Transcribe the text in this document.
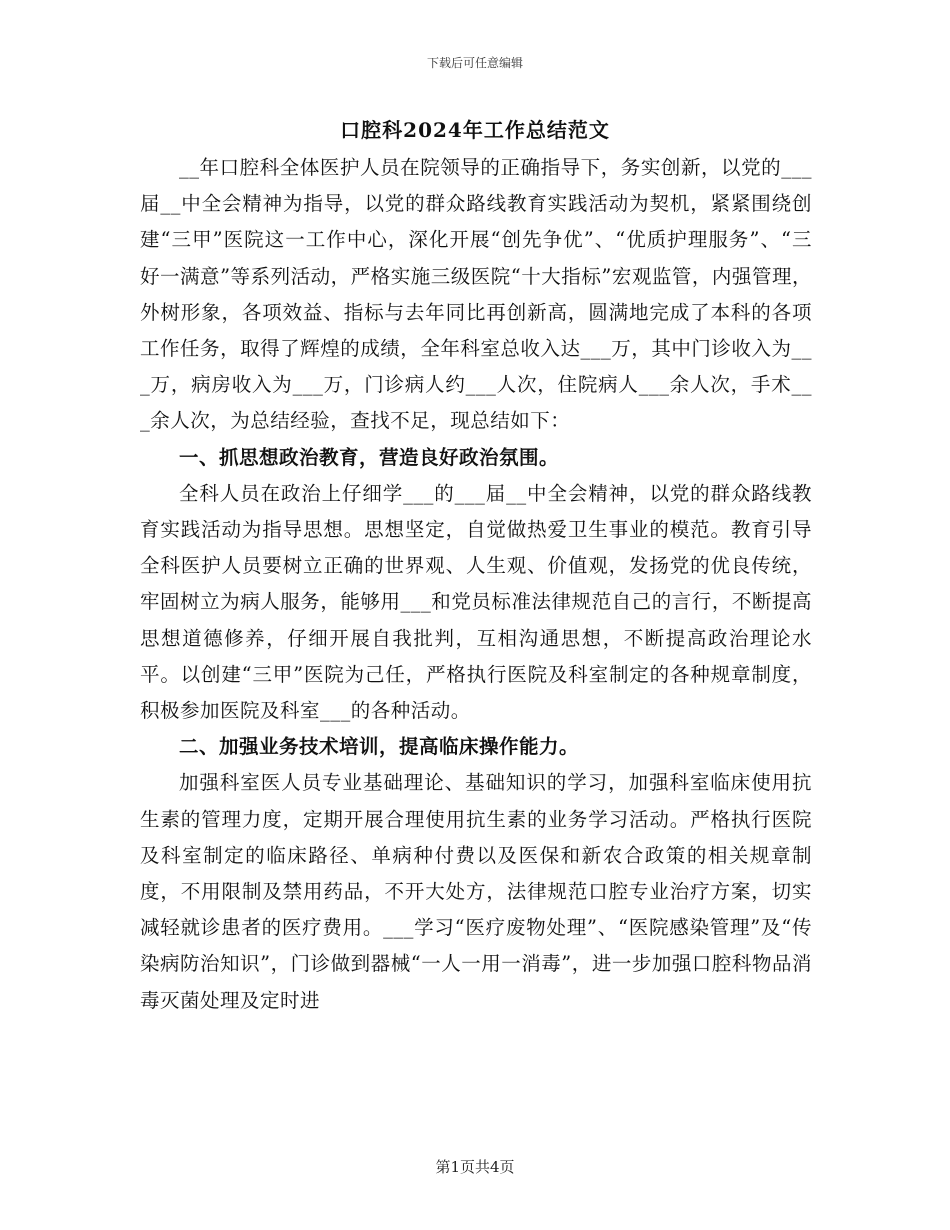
下载后可任意编辑
口腔科2024年工作总结范文

__年口腔科全体医护人员在院领导的正确指导下，务实创新，以党的___届__中全会精神为指导，以党的群众路线教育实践活动为契机，紧紧围绕创建“三甲”医院这一工作中心，深化开展“创先争优”、“优质护理服务”、“三好一满意”等系列活动，严格实施三级医院“十大指标”宏观监管，内强管理，外树形象，各项效益、指标与去年同比再创新高，圆满地完成了本科的各项工作任务，取得了辉煌的成绩，全年科室总收入达___万，其中门诊收入为___万，病房收入为___万，门诊病人约___人次，住院病人___余人次，手术___余人次，为总结经验，查找不足，现总结如下：

一、抓思想政治教育，营造良好政治氛围。

全科人员在政治上仔细学___的___届__中全会精神，以党的群众路线教育实践活动为指导思想。思想坚定，自觉做热爱卫生事业的模范。教育引导全科医护人员要树立正确的世界观、人生观、价值观，发扬党的优良传统，牢固树立为病人服务，能够用___和党员标准法律规范自己的言行，不断提高思想道德修养，仔细开展自我批判，互相沟通思想，不断提高政治理论水平。以创建“三甲”医院为己任，严格执行医院及科室制定的各种规章制度，积极参加医院及科室___的各种活动。

二、加强业务技术培训，提高临床操作能力。

加强科室医人员专业基础理论、基础知识的学习，加强科室临床使用抗生素的管理力度，定期开展合理使用抗生素的业务学习活动。严格执行医院及科室制定的临床路径、单病种付费以及医保和新农合政策的相关规章制度，不用限制及禁用药品，不开大处方，法律规范口腔专业治疗方案，切实减轻就诊患者的医疗费用。___学习“医疗废物处理”、“医院感染管理”及“传染病防治知识”，门诊做到器械“一人一用一消毒”，进一步加强口腔科物品消毒灭菌处理及定时进

第1页共4页
